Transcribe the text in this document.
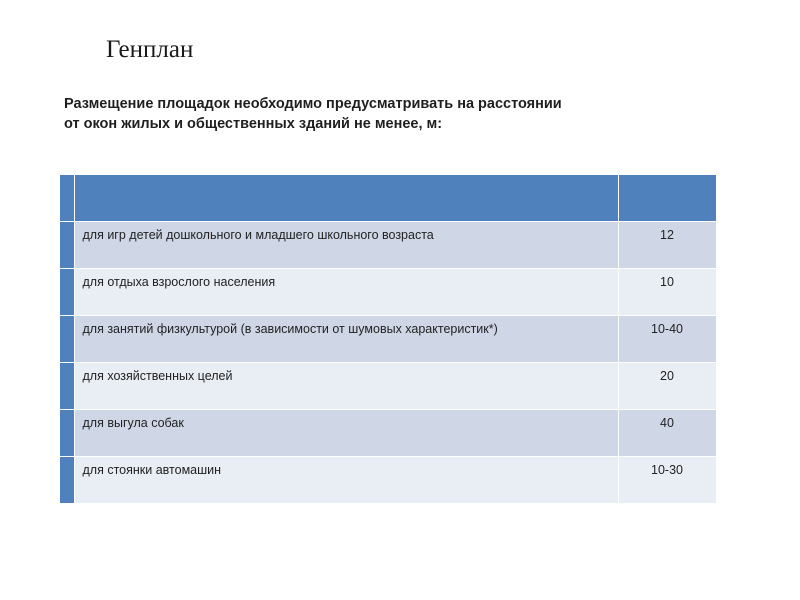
Генплан

Размещение площадок необходимо предусматривать на расстоянии
от окон жилых и общественных зданий не менее, м:

	для игр детей дошкольного и младшего школьного возраста	12

	для отдыха взрослого населения	10

	для занятий физкультурой (в зависимости от шумовых характеристик*)	10-40

	для хозяйственных целей	20

	для выгула собак	40

	для стоянки автомашин	10-30
